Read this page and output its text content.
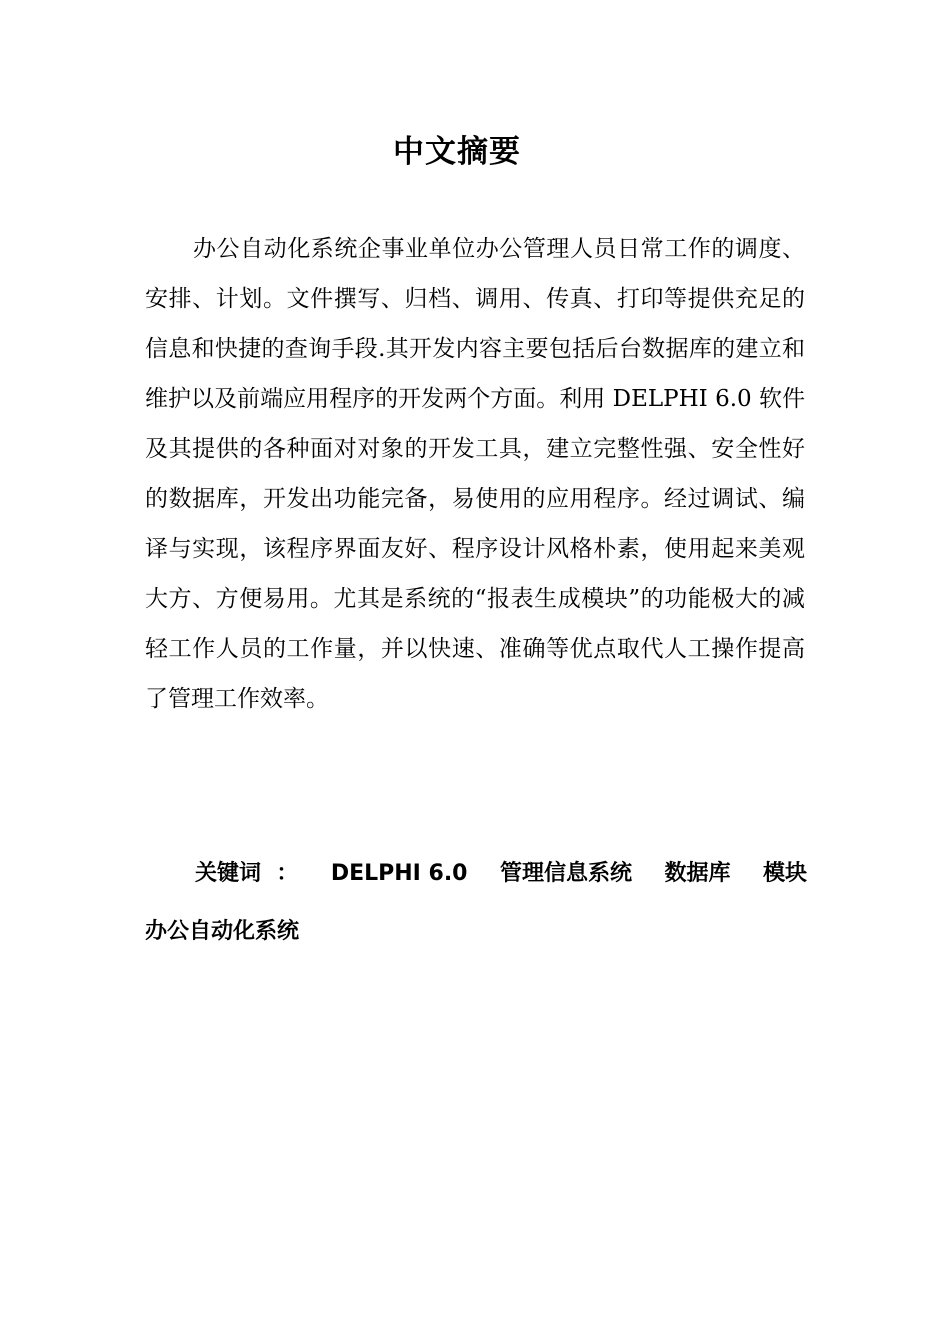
中文摘要

办公自动化系统企事业单位办公管理人员日常工作的调度、安排、计划。文件撰写、归档、调用、传真、打印等提供充足的信息和快捷的查询手段.其开发内容主要包括后台数据库的建立和维护以及前端应用程序的开发两个方面。利用 DELPHI 6.0 软件及其提供的各种面对对象的开发工具，建立完整性强、安全性好的数据库，开发出功能完备，易使用的应用程序。经过调试、编译与实现，该程序界面友好、程序设计风格朴素，使用起来美观大方、方便易用。尤其是系统的“报表生成模块”的功能极大的减轻工作人员的工作量，并以快速、准确等优点取代人工操作提高了管理工作效率。

关键词 ： DELPHI 6.0 管理信息系统 数据库 模块
办公自动化系统
